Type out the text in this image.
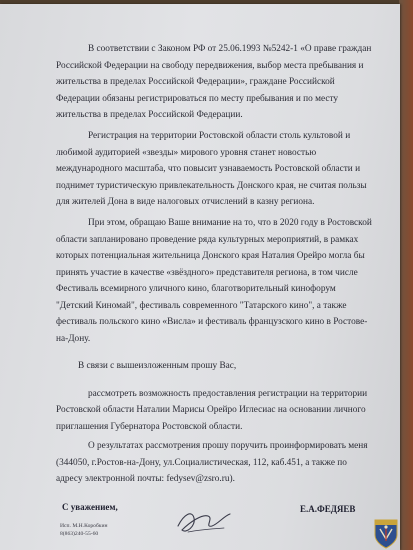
В соответствии с Законом РФ от 25.06.1993 №5242-1 «О праве граждан
Российской Федерации на свободу передвижения, выбор места пребывания и
жительства в пределах Российской Федерации», граждане Российской
Федерации обязаны регистрироваться по месту пребывания и по месту
жительства в пределах Российской Федерации.
Регистрация на территории Ростовской области столь культовой и
любимой аудиторией «звезды» мирового уровня станет новостью
международного масштаба, что повысит узнаваемость Ростовской области и
поднимет туристическую привлекательность Донского края, не считая пользы
для жителей Дона в виде налоговых отчислений в казну региона.
При этом, обращаю Ваше внимание на то, что в 2020 году в Ростовской
области запланировано проведение ряда культурных мероприятий, в рамках
которых потенциальная жительница Донского края Наталия Орейро могла бы
принять участие в качестве «звёздного» представителя региона, в том числе
Фестиваль всемирного уличного кино, благотворительный кинофорум
"Детский Киномай", фестиваль современного "Татарского кино", а также
фестиваль польского кино «Висла» и фестиваль французского кино в Ростове-
на-Дону.
В связи с вышеизложенным прошу Вас,
рассмотреть возможность предоставления регистрации на территории
Ростовской области Наталии Марисы Орейро Иглесиас на основании личного
приглашения Губернатора Ростовской области.
О результатах рассмотрения прошу поручить проинформировать меня
(344050, г.Ростов-на-Дону, ул.Социалистическая, 112, каб.451, а также по
адресу электронной почты: fedysev@zsro.ru).
С уважением,	Е.А.ФЕДЯЕВ
Исп. М.Н.Коробкин
8(863)240-55-60
